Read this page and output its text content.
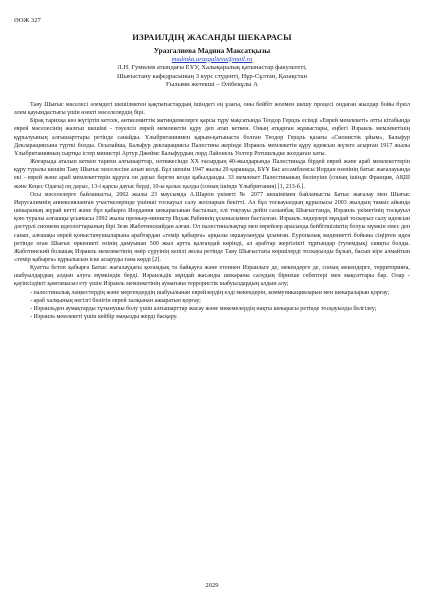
ӘОЖ 327
ИЗРАИЛДІҢ ЖАСАНДЫ ШЕКАРАСЫ
Уразгалиева Мадина Максатқызы
madinka.urazgalieva@mail.ru
Л.Н. Гумилев атындағы ЕҰУ, Халықаралық қатынастар факультеті,
Шығыстану кафедрасының 3 курс студенті, Нұр-Сұлтан, Қазақстан
Ғылыми жетекші – Әлібекұлы А

Таяу Шығыс мәселесі әлемдегі шешілмеген қақтығыстардың ішіндегі ең ұзағы, оны бейбіт жолмен шешу процесі ондаған жылдар бойы бүкіл әлем қауымдастығы үшін өзекті мәселелердің бірі.

Бірақ тарихқа көз жүгіртіп кетсек, антисемиттік матиндемелерге қарсы тұру мақсатында Теодор Герцль есімді «Еврей мемлекеті» атты кітабында еврей мәселесінің жалғыз шешімі - тәуелсіз еврей мемлекетін құру деп атап кеткен. Оның атқарған жұмыстары, еңбегі Израиль мемлекетінің құрылуының алғышарттары ретінде санайды. Ұлыбританиямен қарым-қатынаста болған Теодор Герцль қазағы «Сионистік ұйым», Бальфур Декларациясына түрткі болды. Осылайша, Бальфур декларациясы Палестина жерінде Израиль мемлекетін құру идеясын жүзеге асырған 1917 жылы Ұлыбританияның сыртқы істер министрі Артур Джеймс Бальфурдың лорд Лайонель Уолтер Ротшильдке жолдаған хаты.

Жоғарыда аталып кеткен тарихи алғышарттар, нәтижесінде XX ғасырдың 40-жылдарында Палестинада бірдей еврей және араб мемлекеттерін құру туралы шешім Таяу Шығыс мәселесіне алып келді. Бұл шешім 1947 жылы 29 қарашада, БҰҰ Бас ассамблеясы Иордан өзенінің батыс жағалауында екі - еврей және араб мемлекеттерін құруға он дауыс берген кезде қабылданды. 33 мемлекет Палестинаның бөлінуіне (соның ішінде Франция, АҚШ және Кеңес Одағы) оң дауыс, 13-і қарсы дауыс берді, 10-ы қалыс қалды (соның ішінде Ұлыбритания) [1, 213-б.].

Осы мәселелерге байланысты, 2002 жылы 23 маусымда А.Шарон үкіметі № 2077 шешімімен байланысты Батыс жағалау мен Шығыс Иерусалимнің аннексияланған участкелерінде үшінші тоскауыл салу жоспарын бекітті. Ал бұл тоскауылдың құрылысы 2003 жылдың тамыз айында шекараның жүрай кеттi және бұл қабырға Иордания шекарасынан басталып, елі тоқтауы дейін салынбақ Шығыстанда, Израиль үкіметінің тосқауыл қою туралы алғашқы ұсынысы 1992 жылы премьер-министр Ицхак Рабиннің ұсынысымен басталған. Израиль лидерлері мұндай тоскауыл салу идеясын дәстүрлі сионизм идеологтарының бірі Зеэв Жаботинскийдан алған. Ол палестиналықтар мен еврейлер арасында бейбітшіліктің болуы мүмкін емес деп санап, алғашқы еврей қоныстанушыларына арабтардан «темір қабырға» арқылы оқшаулануды ұсынған. Еуропалық мәдениетті бойына сіңірген идея ретінде оған Шығыс өркениеті өзінің дамуынан 500 жыл артта қалғандай көрінді, ал арабтар жергілікті тұрғындар (тулемдық) сияқты болды. Жаботинский болашақ Израиль мемлекетінің өмір сүруінің кепілі жолы ретінде Таяу Шығыстағы көршілерді тоскауылды бұзып, басып кіре алмайтын «темір қабырға» құрылысын іске асыруды ғана көрді [2].

Қуатты бетон қабырға Батыс жағалаудағы қоғамдық та байқауға және етеннен Израильге де, мекендерге де, соның мекендерге, территорияға, шабуылдардың алдын алуға мүмкіндік берді. Израильдік мұндай жасанды шекараны салудың бірнеше себептері мен мақсаттары бар. Олар - қауіпсіздікті қамтамасыз ету үшін Израиль мемлекетінің аумағына террористік шабуылдардың алдын алу;

- палестиналық лаңкестердің және мергендердің шабуылынан еврейлердің елді мекендерін, коммуникацияларын мен шекараларын қорғау;
- араб халқының негізгі бөлігін еврей халқынан ажыратып қорғау;
- Израильден аумақтарды тұтынушы болу үшін алғышарттар жасау және мекемелердің нақты шекарасы ретінде тосқауылды белгілеу;
- Израиль мемлекеті үшін кейбір маңызды жерді басқару.
2029
